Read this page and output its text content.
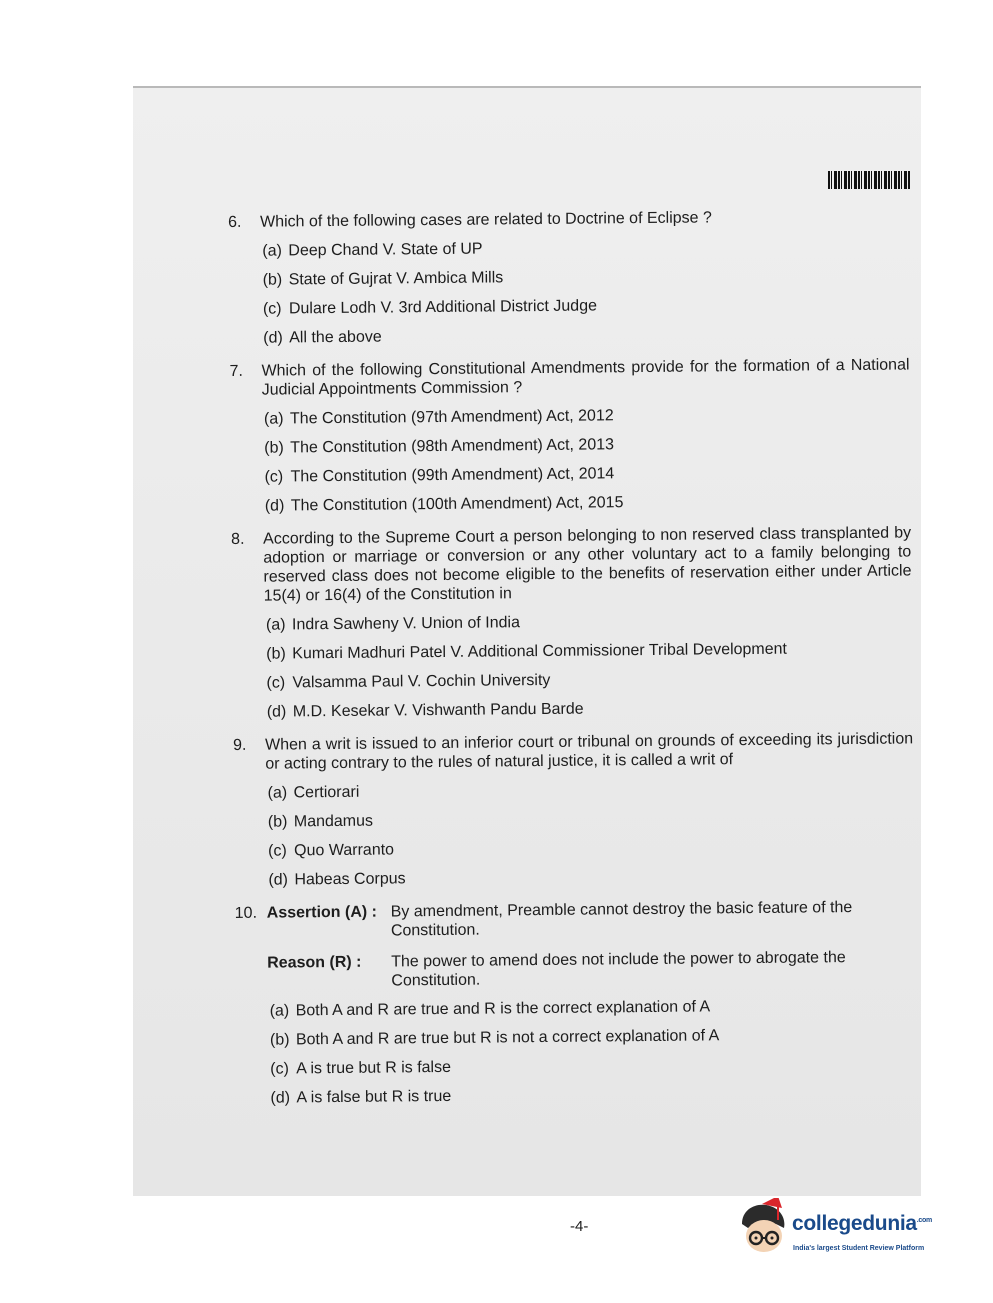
6.	Which of the following cases are related to Doctrine of Eclipse ?
(a) Deep Chand V. State of UP
(b) State of Gujrat V. Ambica Mills
(c) Dulare Lodh V. 3rd Additional District Judge
(d) All the above
7.	Which of the following Constitutional Amendments provide for the formation of a National Judicial Appointments Commission ?
(a) The Constitution (97th Amendment) Act, 2012
(b) The Constitution (98th Amendment) Act, 2013
(c) The Constitution (99th Amendment) Act, 2014
(d) The Constitution (100th Amendment) Act, 2015
8.	According to the Supreme Court a person belonging to non reserved class transplanted by adoption or marriage or conversion or any other voluntary act to a family belonging to reserved class does not become eligible to the benefits of reservation either under Article 15(4) or 16(4) of the Constitution in
(a) Indra Sawheny V. Union of India
(b) Kumari Madhuri Patel V. Additional Commissioner Tribal Development
(c) Valsamma Paul V. Cochin University
(d) M.D. Kesekar V. Vishwanth Pandu Barde
9.	When a writ is issued to an inferior court or tribunal on grounds of exceeding its jurisdiction or acting contrary to the rules of natural justice, it is called a writ of
(a) Certiorari
(b) Mandamus
(c) Quo Warranto
(d) Habeas Corpus
10. Assertion (A) : By amendment, Preamble cannot destroy the basic feature of the Constitution.
Reason (R) :	The power to amend does not include the power to abrogate the Constitution.
(a) Both A and R are true and R is the correct explanation of A
(b) Both A and R are true but R is not a correct explanation of A
(c) A is true but R is false
(d) A is false but R is true
-4-	collegedunia$^{.com}$
India's largest Student Review Platform
